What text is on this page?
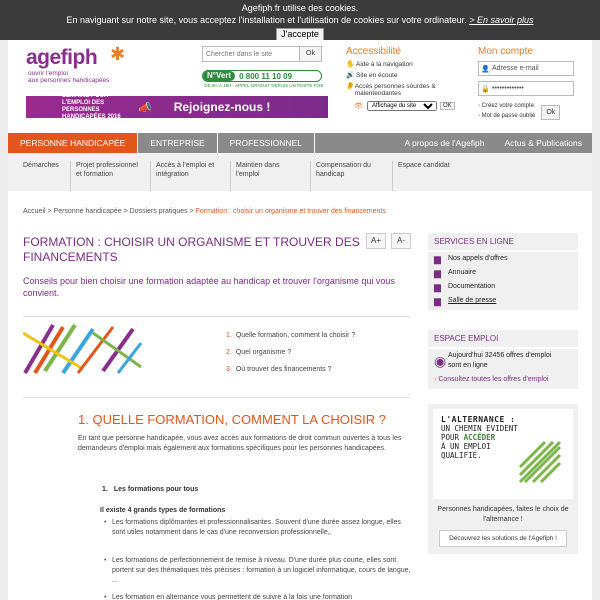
Agefiph.fr utilise des cookies.
En naviguant sur notre site, vous acceptez l'installation et l'utilisation de cookies sur votre ordinateur. > En savoir plus
J'accepte
agefiph ✱
ouvrir l'emploi
aux personnes handicapées
Chercher dans le site
Ok
N°Vert	0 800 11 10 09
DE 9H À 18H - APPEL GRATUIT DEPUIS UN POSTE FIXE
SEMAINE POUR L'EMPLOI DES
PERSONNES HANDICAPÉES 2016
📣	Rejoignez-nous !
Accessibilité
✋ Aide à la navigation
🔊 Site en écoute
👂 Accès personnes sourdes & malentendantes
👁
Affichage du site	OK
Mon compte
👤 Adresse e-mail
🔒 •••••••••••••
› Créez votre compte
› Mot de passe oublié Ok
PERSONNE HANDICAPÉE	ENTREPRISE	PROFESSIONNEL	A propos de l'Agefiph	Actus & Publications
Démarches	Projet professionnel
et formation
Accès à l'emploi et
intégration
Maintien dans
l'emploi
Compensation du
handicap
Espace candidat
Accueil > Personne handicapée > Dossiers pratiques > Formation : choisir un organisme et trouver des financements
FORMATION : CHOISIR UN ORGANISME ET TROUVER DES FINANCEMENTS
A+	A-
Conseils pour bien choisir une formation adaptée au handicap et trouver l'organisme qui vous convient.
1. Quelle formation, comment la choisir ?
2. Quel organisme ?
3. Où trouver des financements ?
1. QUELLE FORMATION, COMMENT LA CHOISIR ?
En tant que personne handicapée, vous avez accès aux formations de droit commun ouvertes à tous les demandeurs d'emploi mais également aux formations spécifiques pour les personnes handicapées.
1. Les formations pour tous
Il existe 4 grands types de formations
• Les formations diplômantes et professionnalisantes. Souvent d'une durée assez longue, elles sont utiles notamment dans le cas d'une reconversion professionnelle,.
• Les formations de perfectionnement de remise à niveau. D'une durée plus courte, elles sont portent sur des thématiques très précises : formation à un logiciel informatique, cours de langue, ...
• Les formation en alternance vous permettent de suivre à la fois une formation
SERVICES EN LIGNE
▆	Nos appels d'offres
▆	Annuaire
▆	Documentation
▆	Salle de presse
ESPACE EMPLOI
◉ Aujourd'hui 32456 offres d'emploi sont en ligne
› Consultez toutes les offres d'emploi
L'ALTERNANCE :
UN CHEMIN EVIDENT
POUR ACCÉDER
À UN EMPLOI
QUALIFIÉ.
Personnes handicapées, faites le choix de l'alternance !
Découvrez les solutions de l'Agefiph !
